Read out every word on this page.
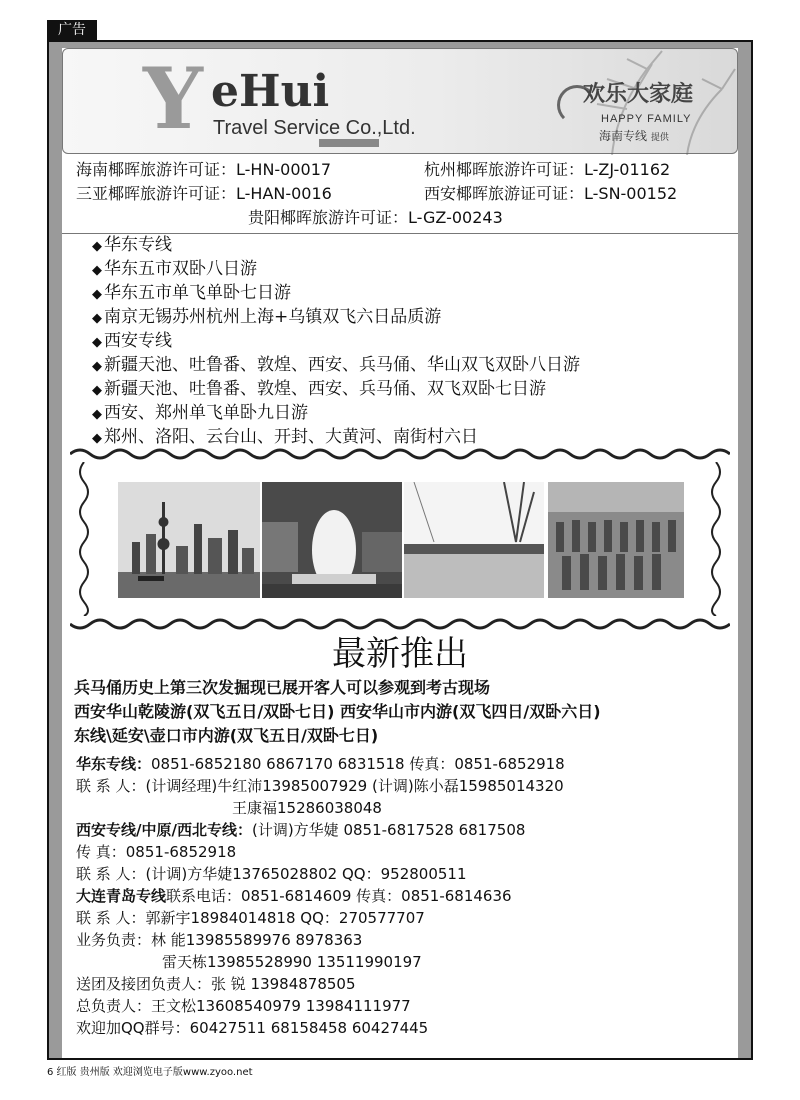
广告
Y eHui
Travel Service Co.,Ltd.
欢乐大家庭
HAPPY FAMILY
海南专线 提供
海南椰晖旅游许可证：L-HN-00017	杭州椰晖旅游许可证：L-ZJ-01162
三亚椰晖旅游许可证：L-HAN-0016	西安椰晖旅游证可证：L-SN-00152
贵阳椰晖旅游许可证：L-GZ-00243
◆ 华东专线
◆ 华东五市双卧八日游
◆ 华东五市单飞单卧七日游
◆ 南京无锡苏州杭州上海+乌镇双飞六日品质游
◆ 西安专线
◆ 新疆天池、吐鲁番、敦煌、西安、兵马俑、华山双飞双卧八日游
◆ 新疆天池、吐鲁番、敦煌、西安、兵马俑、双飞双卧七日游
◆ 西安、郑州单飞单卧九日游
◆ 郑州、洛阳、云台山、开封、大黄河、南街村六日
最新推出
兵马俑历史上第三次发掘现已展开客人可以参观到考古现场
西安华山乾陵游(双飞五日/双卧七日) 西安华山市内游(双飞四日/双卧六日)
东线\延安\壶口市内游(双飞五日/双卧七日)
华东专线：0851-6852180 6867170 6831518 传真：0851-6852918
联 系 人：(计调经理)牛红沛13985007929 (计调)陈小磊15985014320
王康福15286038048
西安专线/中原/西北专线：(计调)方华婕 0851-6817528 6817508
传 真：0851-6852918
联 系 人：(计调)方华婕13765028802 QQ：952800511
大连青岛专线联系电话：0851-6814609 传真：0851-6814636
联 系 人：郭新宇18984014818 QQ：270577707
业务负责：林 能13985589976 8978363
雷天栋13985528990 13511990197
送团及接团负责人：张 锐 13984878505
总负责人：王文松13608540979 13984111977
欢迎加QQ群号：60427511 68158458 60427445
6 红版 贵州版 欢迎浏览电子版www.zyoo.net
